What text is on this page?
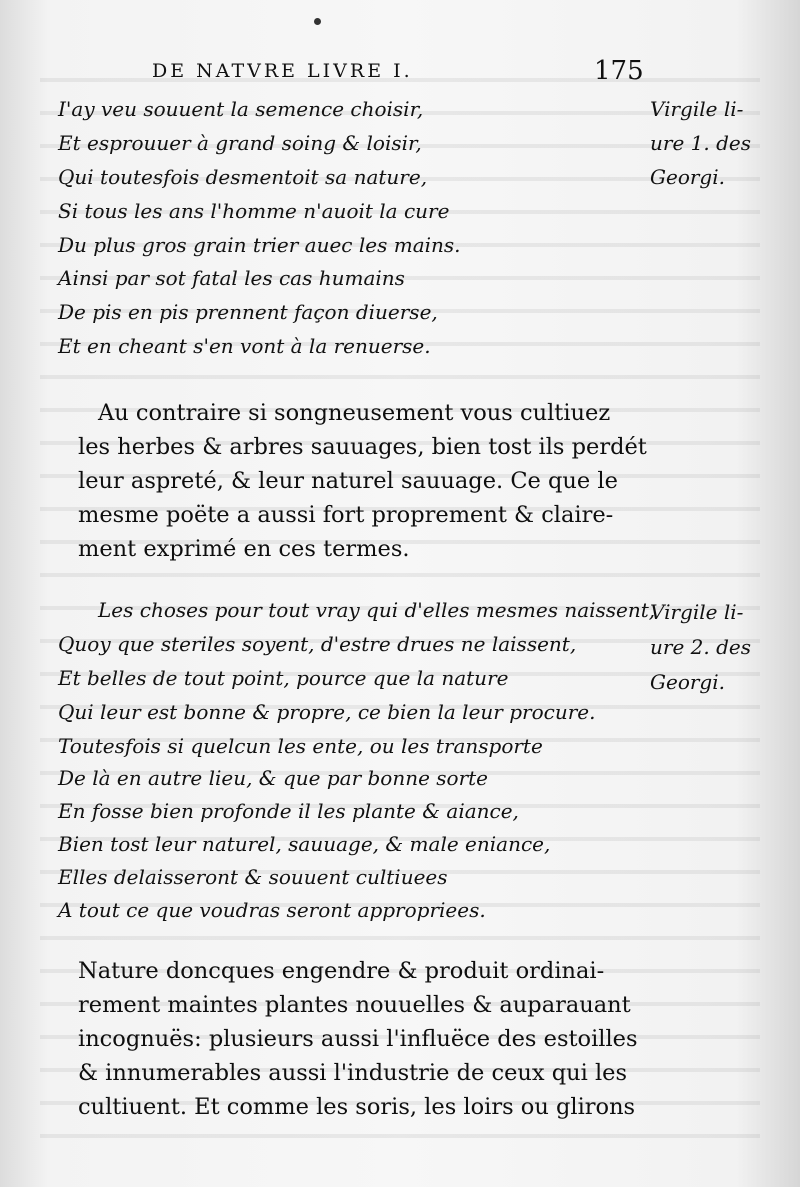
DE NATVRE LIVRE I.	175
I'ay veu souuent la semence choisir,
Et esprouuer à grand soing & loisir,
Qui toutesfois desmentoit sa nature,
Si tous les ans l'homme n'auoit la cure
Du plus gros grain trier auec les mains.
Ainsi par sot fatal les cas humains
De pis en pis prennent façon diuerse,
Et en cheant s'en vont à la renuerse.
Virgile li-
ure 1. des
Georgi.
Au contraire si songneusement vous cultiuez
les herbes & arbres sauuages, bien tost ils perdét
leur aspreté, & leur naturel sauuage. Ce que le
mesme poëte a aussi fort proprement & claire-
ment exprimé en ces termes.
Les choses pour tout vray qui d'elles mesmes naissent,
Quoy que steriles soyent, d'estre drues ne laissent,
Et belles de tout point, pource que la nature
Qui leur est bonne & propre, ce bien la leur procure.
Toutesfois si quelcun les ente, ou les transporte
De là en autre lieu, & que par bonne sorte
En fosse bien profonde il les plante & aiance,
Bien tost leur naturel, sauuage, & male eniance,
Elles delaisseront & souuent cultiuees
A tout ce que voudras seront appropriees.
Virgile li-
ure 2. des
Georgi.
Nature doncques engendre & produit ordinai-
rement maintes plantes nouuelles & auparauant
incognuës: plusieurs aussi l'influëce des estoilles
& innumerables aussi l'industrie de ceux qui les
cultiuent. Et comme les soris, les loirs ou glirons
